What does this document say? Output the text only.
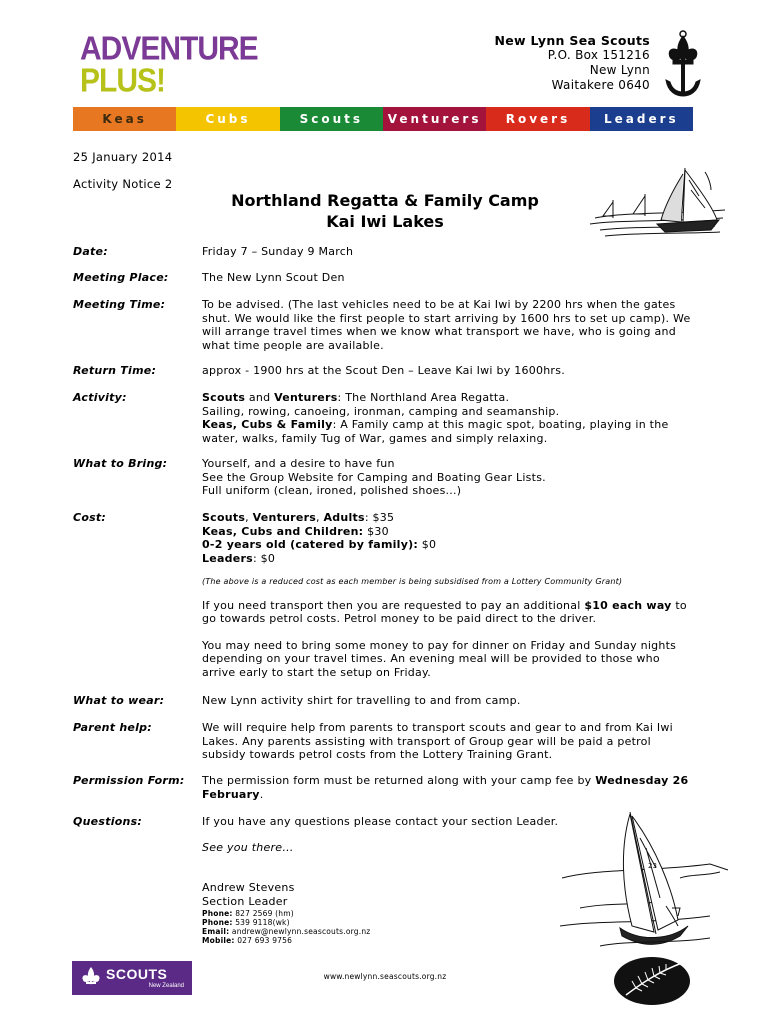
ADVENTURE
PLUS!
New Lynn Sea Scouts
P.O. Box 151216
New Lynn
Waitakere 0640
Keas	Cubs	Scouts	Venturers	Rovers	Leaders
25 January 2014
Activity Notice 2
Northland Regatta & Family Camp
Kai Iwi Lakes
Date:	Friday 7 – Sunday 9 March
Meeting Place:	The New Lynn Scout Den
Meeting Time:	To be advised. (The last vehicles need to be at Kai Iwi by 2200 hrs when the gates shut. We would like the first people to start arriving by 1600 hrs to set up camp). We will arrange travel times when we know what transport we have, who is going and what time people are available.
Return Time:	approx - 1900 hrs at the Scout Den – Leave Kai Iwi by 1600hrs.
Activity:	Scouts and Venturers: The Northland Area Regatta.
Sailing, rowing, canoeing, ironman, camping and seamanship.
Keas, Cubs & Family: A Family camp at this magic spot, boating, playing in the water, walks, family Tug of War, games and simply relaxing.
What to Bring:	Yourself, and a desire to have fun
See the Group Website for Camping and Boating Gear Lists.
Full uniform (clean, ironed, polished shoes...)
Cost:	Scouts, Venturers, Adults: $35
Keas, Cubs and Children: $30
0-2 years old (catered by family): $0
Leaders: $0
(The above is a reduced cost as each member is being subsidised from a Lottery Community Grant)
If you need transport then you are requested to pay an additional $10 each way to go towards petrol costs. Petrol money to be paid direct to the driver.
You may need to bring some money to pay for dinner on Friday and Sunday nights depending on your travel times. An evening meal will be provided to those who arrive early to start the setup on Friday.
What to wear:	New Lynn activity shirt for travelling to and from camp.
Parent help:	We will require help from parents to transport scouts and gear to and from Kai Iwi Lakes. Any parents assisting with transport of Group gear will be paid a petrol subsidy towards petrol costs from the Lottery Training Grant.
Permission Form: The permission form must be returned along with your camp fee by Wednesday 26 February.
Questions:	If you have any questions please contact your section Leader.
See you there…
Andrew Stevens
Section Leader
Phone: 827 2569 (hm)
Phone: 539 9118(wk)
Email: andrew@newlynn.seascouts.org.nz
Mobile: 027 693 9756
23
www.newlynn.seascouts.org.nz
SCOUTS
New Zealand
